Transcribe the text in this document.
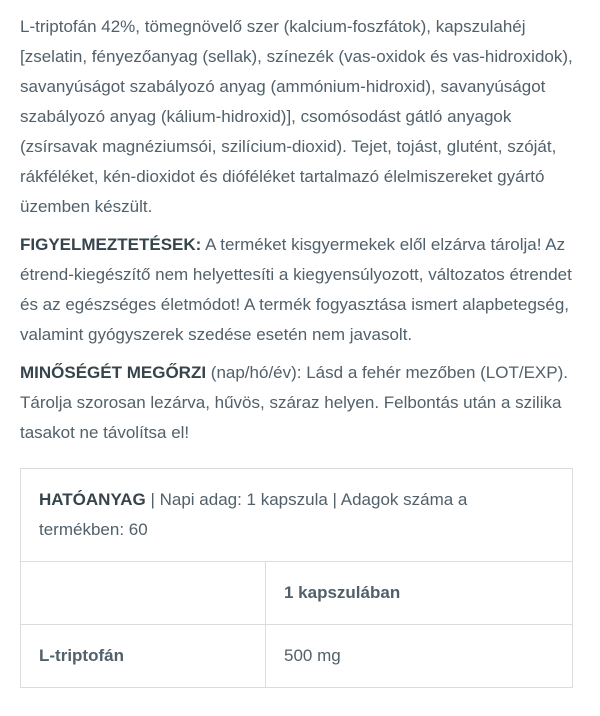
L-triptofán 42%, tömegnövelő szer (kalcium-foszfátok), kapszulahéj [zselatin, fényezőanyag (sellak), színezék (vas-oxidok és vas-hidroxidok), savanyúságot szabályozó anyag (ammónium-hidroxid), savanyúságot szabályozó anyag (kálium-hidroxid)], csomósodást gátló anyagok (zsírsavak magnéziumsói, szilícium-dioxid). Tejet, tojást, glutént, szóját, rákféléket, kén-dioxidot és dióféléket tartalmazó élelmiszereket gyártó üzemben készült.

FIGYELMEZTETÉSEK: A terméket kisgyermekek elől elzárva tárolja! Az étrend-kiegészítő nem helyettesíti a kiegyensúlyozott, változatos étrendet és az egészséges életmódot! A termék fogyasztása ismert alapbetegség, valamint gyógyszerek szedése esetén nem javasolt.

MINŐSÉGÉT MEGŐRZI (nap/hó/év): Lásd a fehér mezőben (LOT/EXP). Tárolja szorosan lezárva, hűvös, száraz helyen. Felbontás után a szilika tasakot ne távolítsa el!

HATÓANYAG | Napi adag: 1 kapszula | Adagok száma a termékben: 60	
	1 kapszulában
L-triptofán	500 mg
